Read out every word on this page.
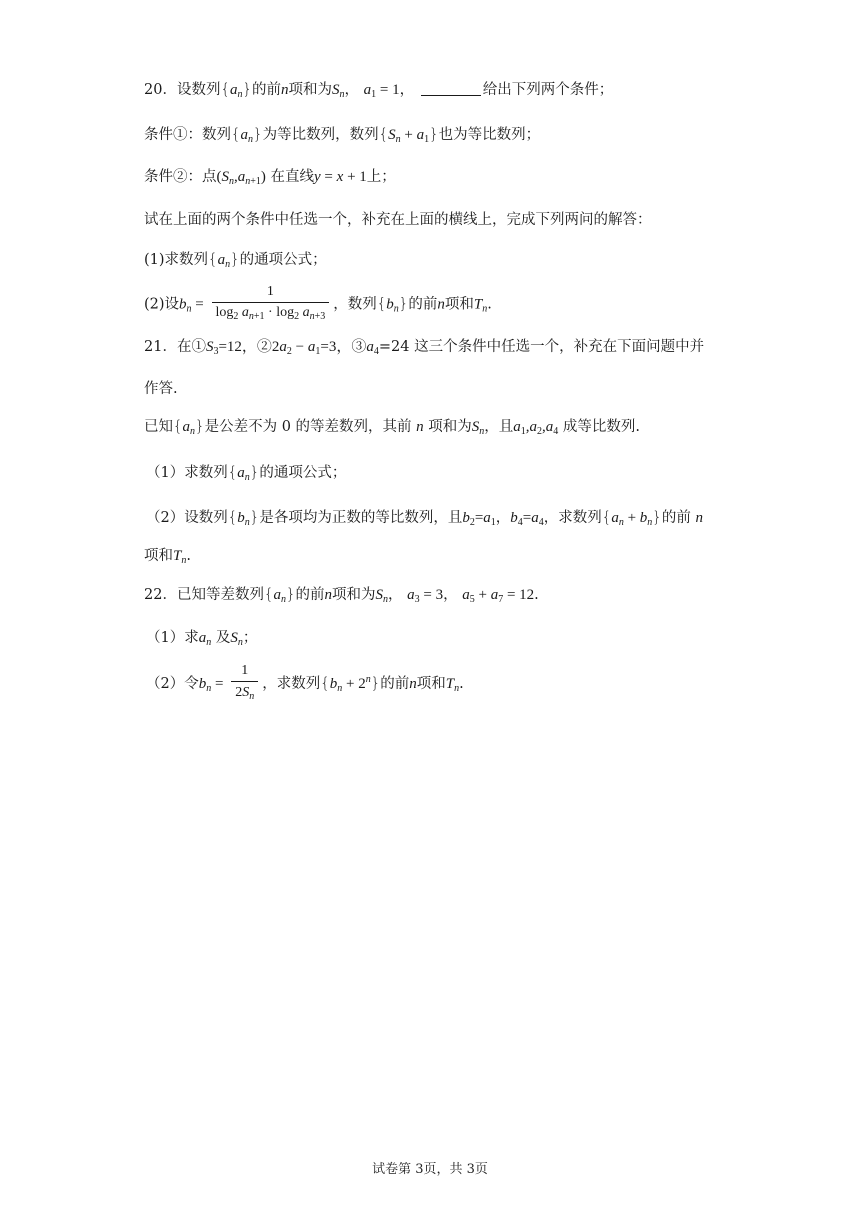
20．设数列$\{a_n\}$的前n项和为$S_n$， $a_1 = 1$，	给出下列两个条件；
条件①：数列$\{a_n\}$为等比数列，数列$\{S_n + a_1\}$也为等比数列；
条件②：点$(S_n,a_{n+1})$ 在直线y = x + 1上；
试在上面的两个条件中任选一个，补充在上面的横线上，完成下列两问的解答：
(1)求数列$\{a_n\}$的通项公式；
(2)设$b_n = \frac{1}{\log_2 a_{n+1} \cdot \log_2 a_{n+3}}$ ，数列$\{b_n\}$的前n项和$T_n$.
21．在$①S_3=12$，$②2a_2 - a_1=3$，$③a_4=24$ 这三个条件中任选一个，补充在下面问题中并
作答.
已知$\{a_n\}$是公差不为 0 的等差数列，其前 n 项和为$S_n$，且$a_1,a_2,a_4$ 成等比数列.
（1）求数列$\{a_n\}$的通项公式；
（2）设数列$\{b_n\}$是各项均为正数的等比数列，且$b_2=a_1$，$b_4=a_4$，求数列$\{a_n + b_n\}$的前 n
项和$T_n$.
22．已知等差数列$\{a_n\}$的前n项和为$S_n$， $a_3 = 3$， $a_5 + a_7 = 12$.
（1）求$a_n$ 及$S_n$；
（2）令$b_n = \frac{1}{2S_n}$ ，求数列$\{b_n + 2^n\}$的前n项和$T_n$.
试卷第 3页，共 3页
